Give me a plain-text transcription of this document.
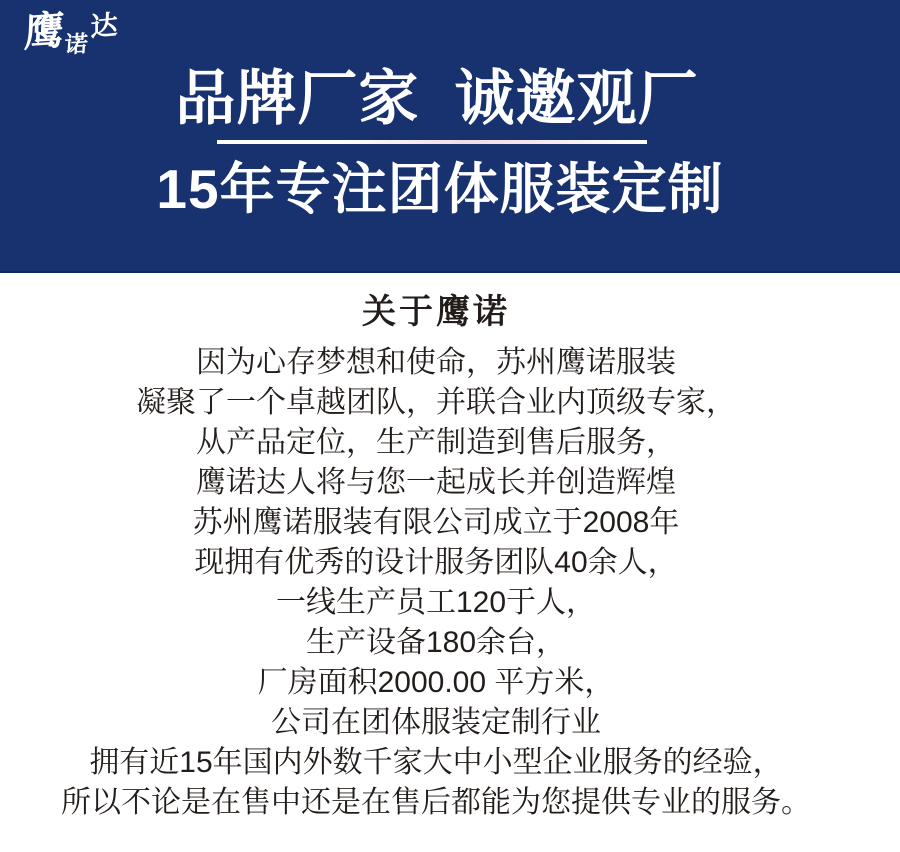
鹰诺达
品牌厂家  诚邀观厂
15年专注团体服装定制
关于鹰诺

因为心存梦想和使命，苏州鹰诺服装

凝聚了一个卓越团队，并联合业内顶级专家，

从产品定位，生产制造到售后服务，

鹰诺达人将与您一起成长并创造辉煌

苏州鹰诺服装有限公司成立于2008年

现拥有优秀的设计服务团队40余人，

一线生产员工120于人，

生产设备180余台，

厂房面积2000.00 平方米，

公司在团体服装定制行业

拥有近15年国内外数千家大中小型企业服务的经验，

所以不论是在售中还是在售后都能为您提供专业的服务。
